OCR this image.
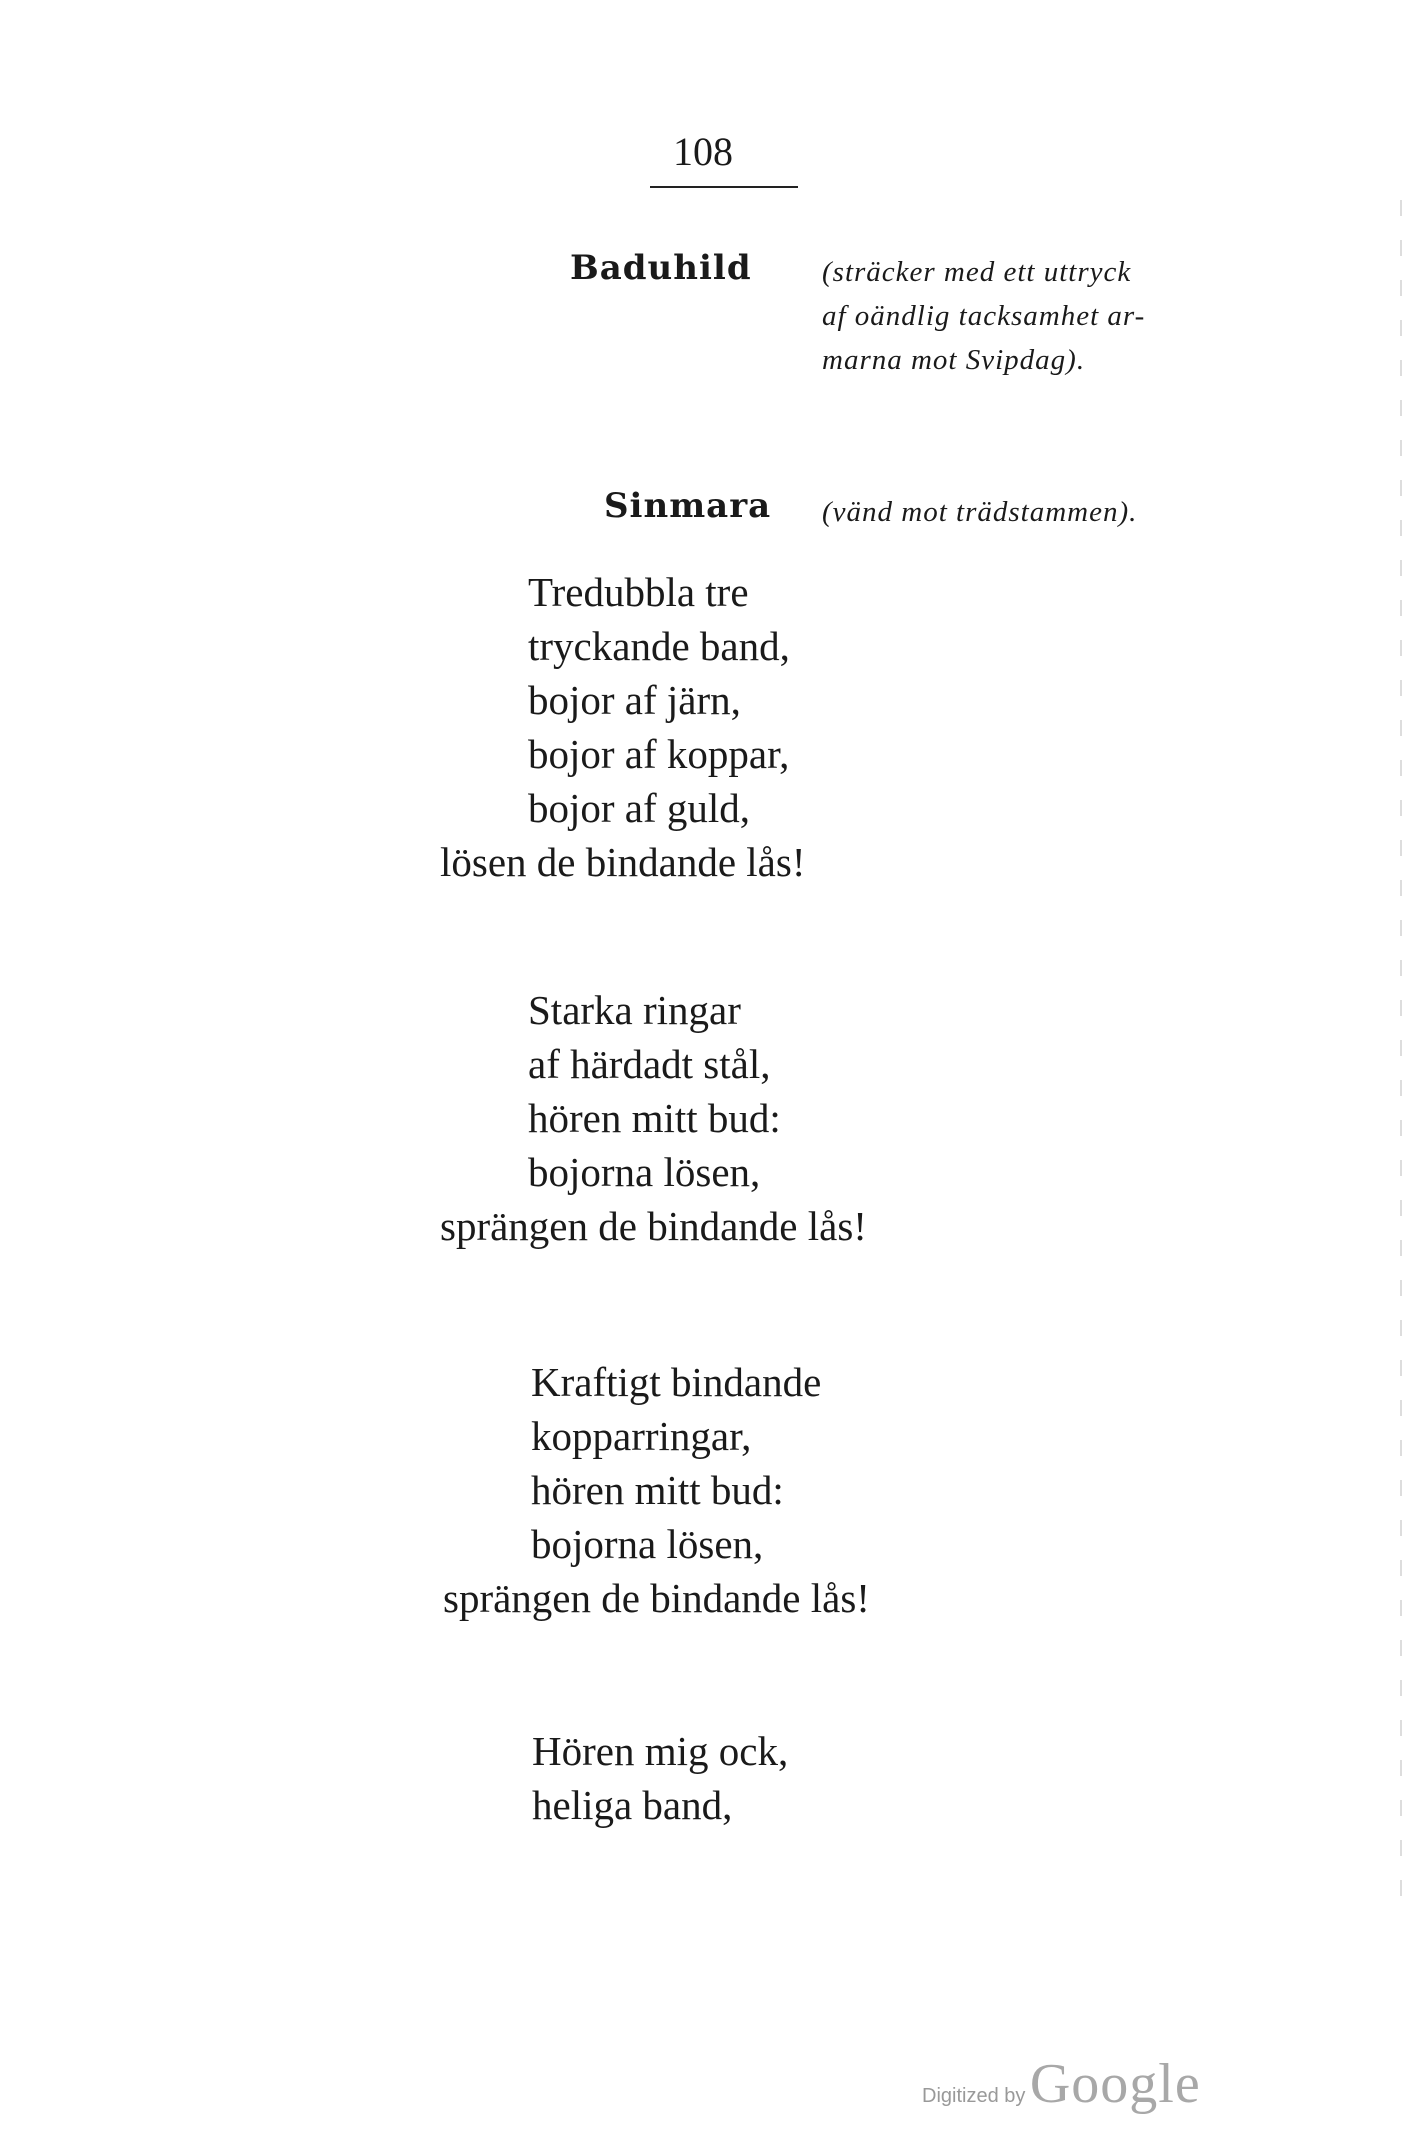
108
Baduhild (sträcker med ett uttryck
af oändlig tacksamhet ar-
marna mot Svipdag).
Sinmara (vänd mot trädstammen).
Tredubbla tre
tryckande band,
bojor af järn,
bojor af koppar,
bojor af guld,
lösen de bindande lås!
Starka ringar
af härdadt stål,
hören mitt bud:
bojorna lösen,
sprängen de bindande lås!
Kraftigt bindande
kopparringar,
hören mitt bud:
bojorna lösen,
sprängen de bindande lås!
Hören mig ock,
heliga band,
Digitized by Google
